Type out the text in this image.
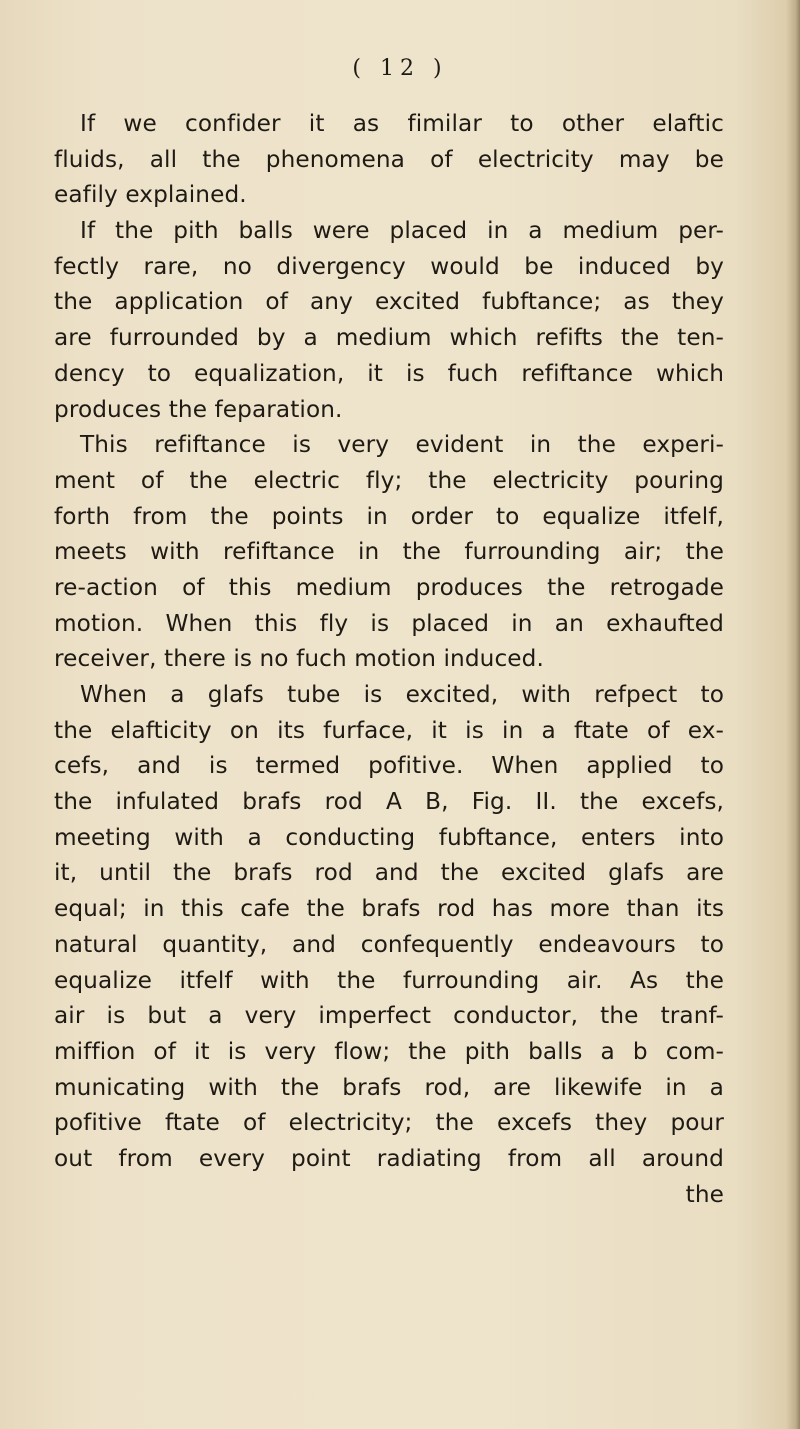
( 12 )
If we confider it as fimilar to other elaftic
fluids, all the phenomena of electricity may be
eafily explained.
If the pith balls were placed in a medium per-
fectly rare, no divergency would be induced by
the application of any excited fubftance; as they
are furrounded by a medium which refifts the ten-
dency to equalization, it is fuch refiftance which
produces the feparation.
This refiftance is very evident in the experi-
ment of the electric fly; the electricity pouring
forth from the points in order to equalize itfelf,
meets with refiftance in the furrounding air; the
re-action of this medium produces the retrogade
motion. When this fly is placed in an exhaufted
receiver, there is no fuch motion induced.
When a glafs tube is excited, with refpect to
the elafticity on its furface, it is in a ftate of ex-
cefs, and is termed pofitive. When applied to
the infulated brafs rod A B, Fig. II. the excefs,
meeting with a conducting fubftance, enters into
it, until the brafs rod and the excited glafs are
equal; in this cafe the brafs rod has more than its
natural quantity, and confequently endeavours to
equalize itfelf with the furrounding air. As the
air is but a very imperfect conductor, the tranf-
miffion of it is very flow; the pith balls a b com-
municating with the brafs rod, are likewife in a
pofitive ftate of electricity; the excefs they pour
out from every point radiating from all around
the
